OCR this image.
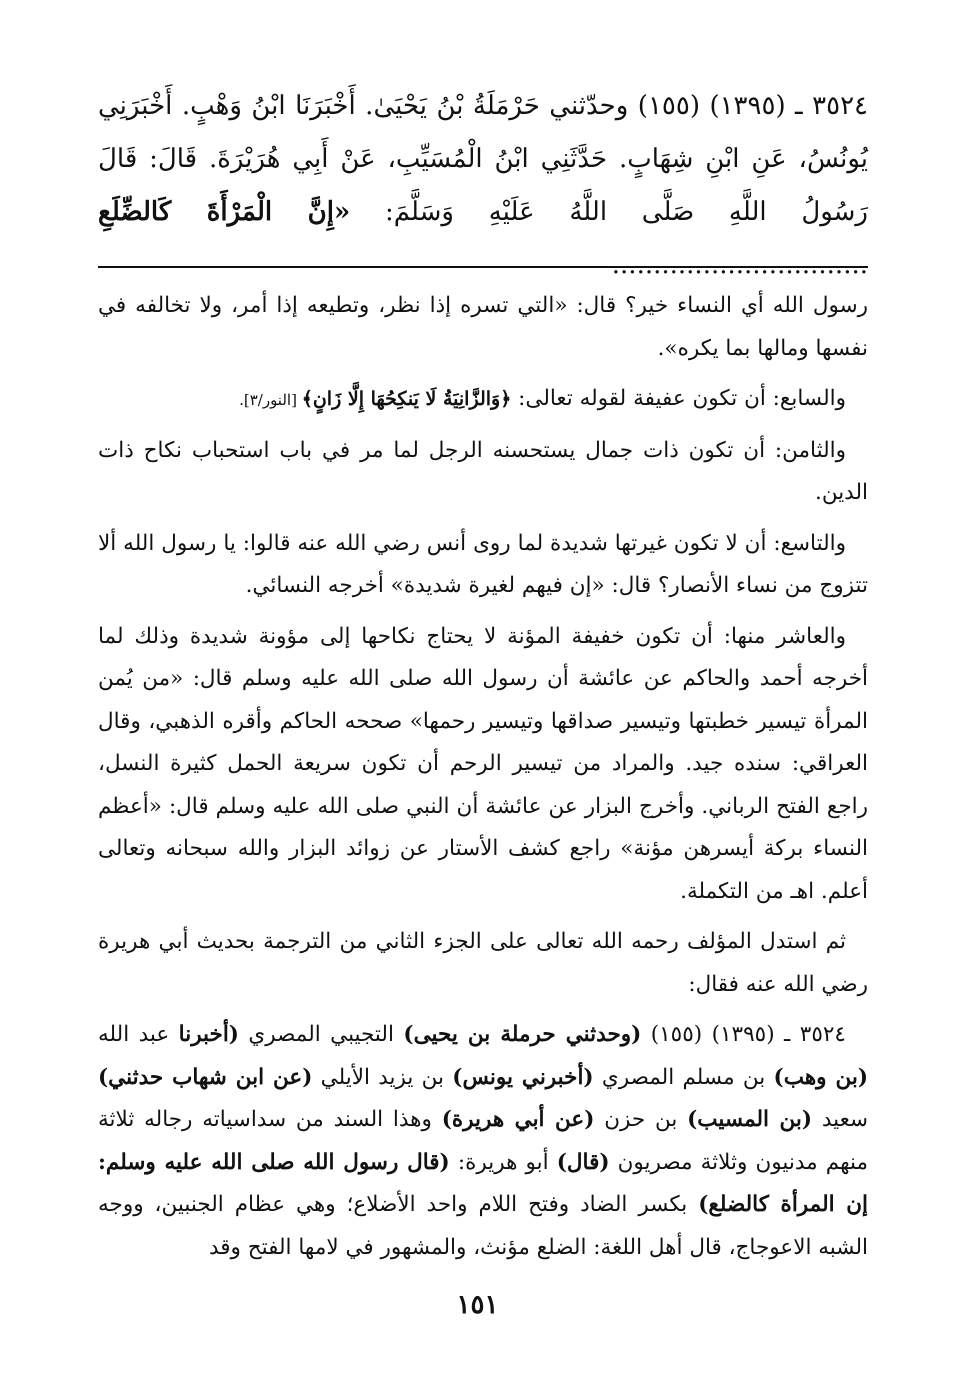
٣٥٢٤ ـ (١٣٩٥) (١٥٥) وحدّثني حَرْمَلَةُ بْنُ يَحْيَىٰ. أَخْبَرَنَا ابْنُ وَهْبٍ. أَخْبَرَنِي يُونُسُ، عَنِ ابْنِ شِهَابٍ. حَدَّثَنِي ابْنُ الْمُسَيِّبِ، عَنْ أَبِي هُرَيْرَةَ. قَالَ: قَالَ رَسُولُ اللَّهِ صَلَّى اللَّهُ عَلَيْهِ وَسَلَّمَ: «إِنَّ الْمَرْأَةَ كَالضِّلَعِ ...............................

رسول الله أي النساء خير؟ قال: «التي تسره إذا نظر، وتطيعه إذا أمر، ولا تخالفه في نفسها ومالها بما يكره».

والسابع: أن تكون عفيفة لقوله تعالى: ﴿وَالزَّانِيَةُ لَا يَنكِحُهَا إِلَّا زَانٍ﴾ [النور/٣].

والثامن: أن تكون ذات جمال يستحسنه الرجل لما مر في باب استحباب نكاح ذات الدين.

والتاسع: أن لا تكون غيرتها شديدة لما روى أنس رضي الله عنه قالوا: يا رسول الله ألا تتزوج من نساء الأنصار؟ قال: «إن فيهم لغيرة شديدة» أخرجه النسائي.

والعاشر منها: أن تكون خفيفة المؤنة لا يحتاج نكاحها إلى مؤونة شديدة وذلك لما أخرجه أحمد والحاكم عن عائشة أن رسول الله صلى الله عليه وسلم قال: «من يُمن المرأة تيسير خطبتها وتيسير صداقها وتيسير رحمها» صححه الحاكم وأقره الذهبي، وقال العراقي: سنده جيد. والمراد من تيسير الرحم أن تكون سريعة الحمل كثيرة النسل، راجع الفتح الرباني. وأخرج البزار عن عائشة أن النبي صلى الله عليه وسلم قال: «أعظم النساء بركة أيسرهن مؤنة» راجع كشف الأستار عن زوائد البزار والله سبحانه وتعالى أعلم. اهـ من التكملة.

ثم استدل المؤلف رحمه الله تعالى على الجزء الثاني من الترجمة بحديث أبي هريرة رضي الله عنه فقال:

٣٥٢٤ ـ (١٣٩٥) (١٥٥) (وحدثني حرملة بن يحيى) التجيبي المصري (أخبرنا عبد الله (بن وهب) بن مسلم المصري (أخبرني يونس) بن يزيد الأيلي (عن ابن شهاب حدثني) سعيد (بن المسيب) بن حزن (عن أبي هريرة) وهذا السند من سداسياته رجاله ثلاثة منهم مدنيون وثلاثة مصريون (قال) أبو هريرة: (قال رسول الله صلى الله عليه وسلم: إن المرأة كالضلع) بكسر الضاد وفتح اللام واحد الأضلاع؛ وهي عظام الجنبين، ووجه الشبه الاعوجاج، قال أهل اللغة: الضلع مؤنث، والمشهور في لامها الفتح وقد

١٥١
